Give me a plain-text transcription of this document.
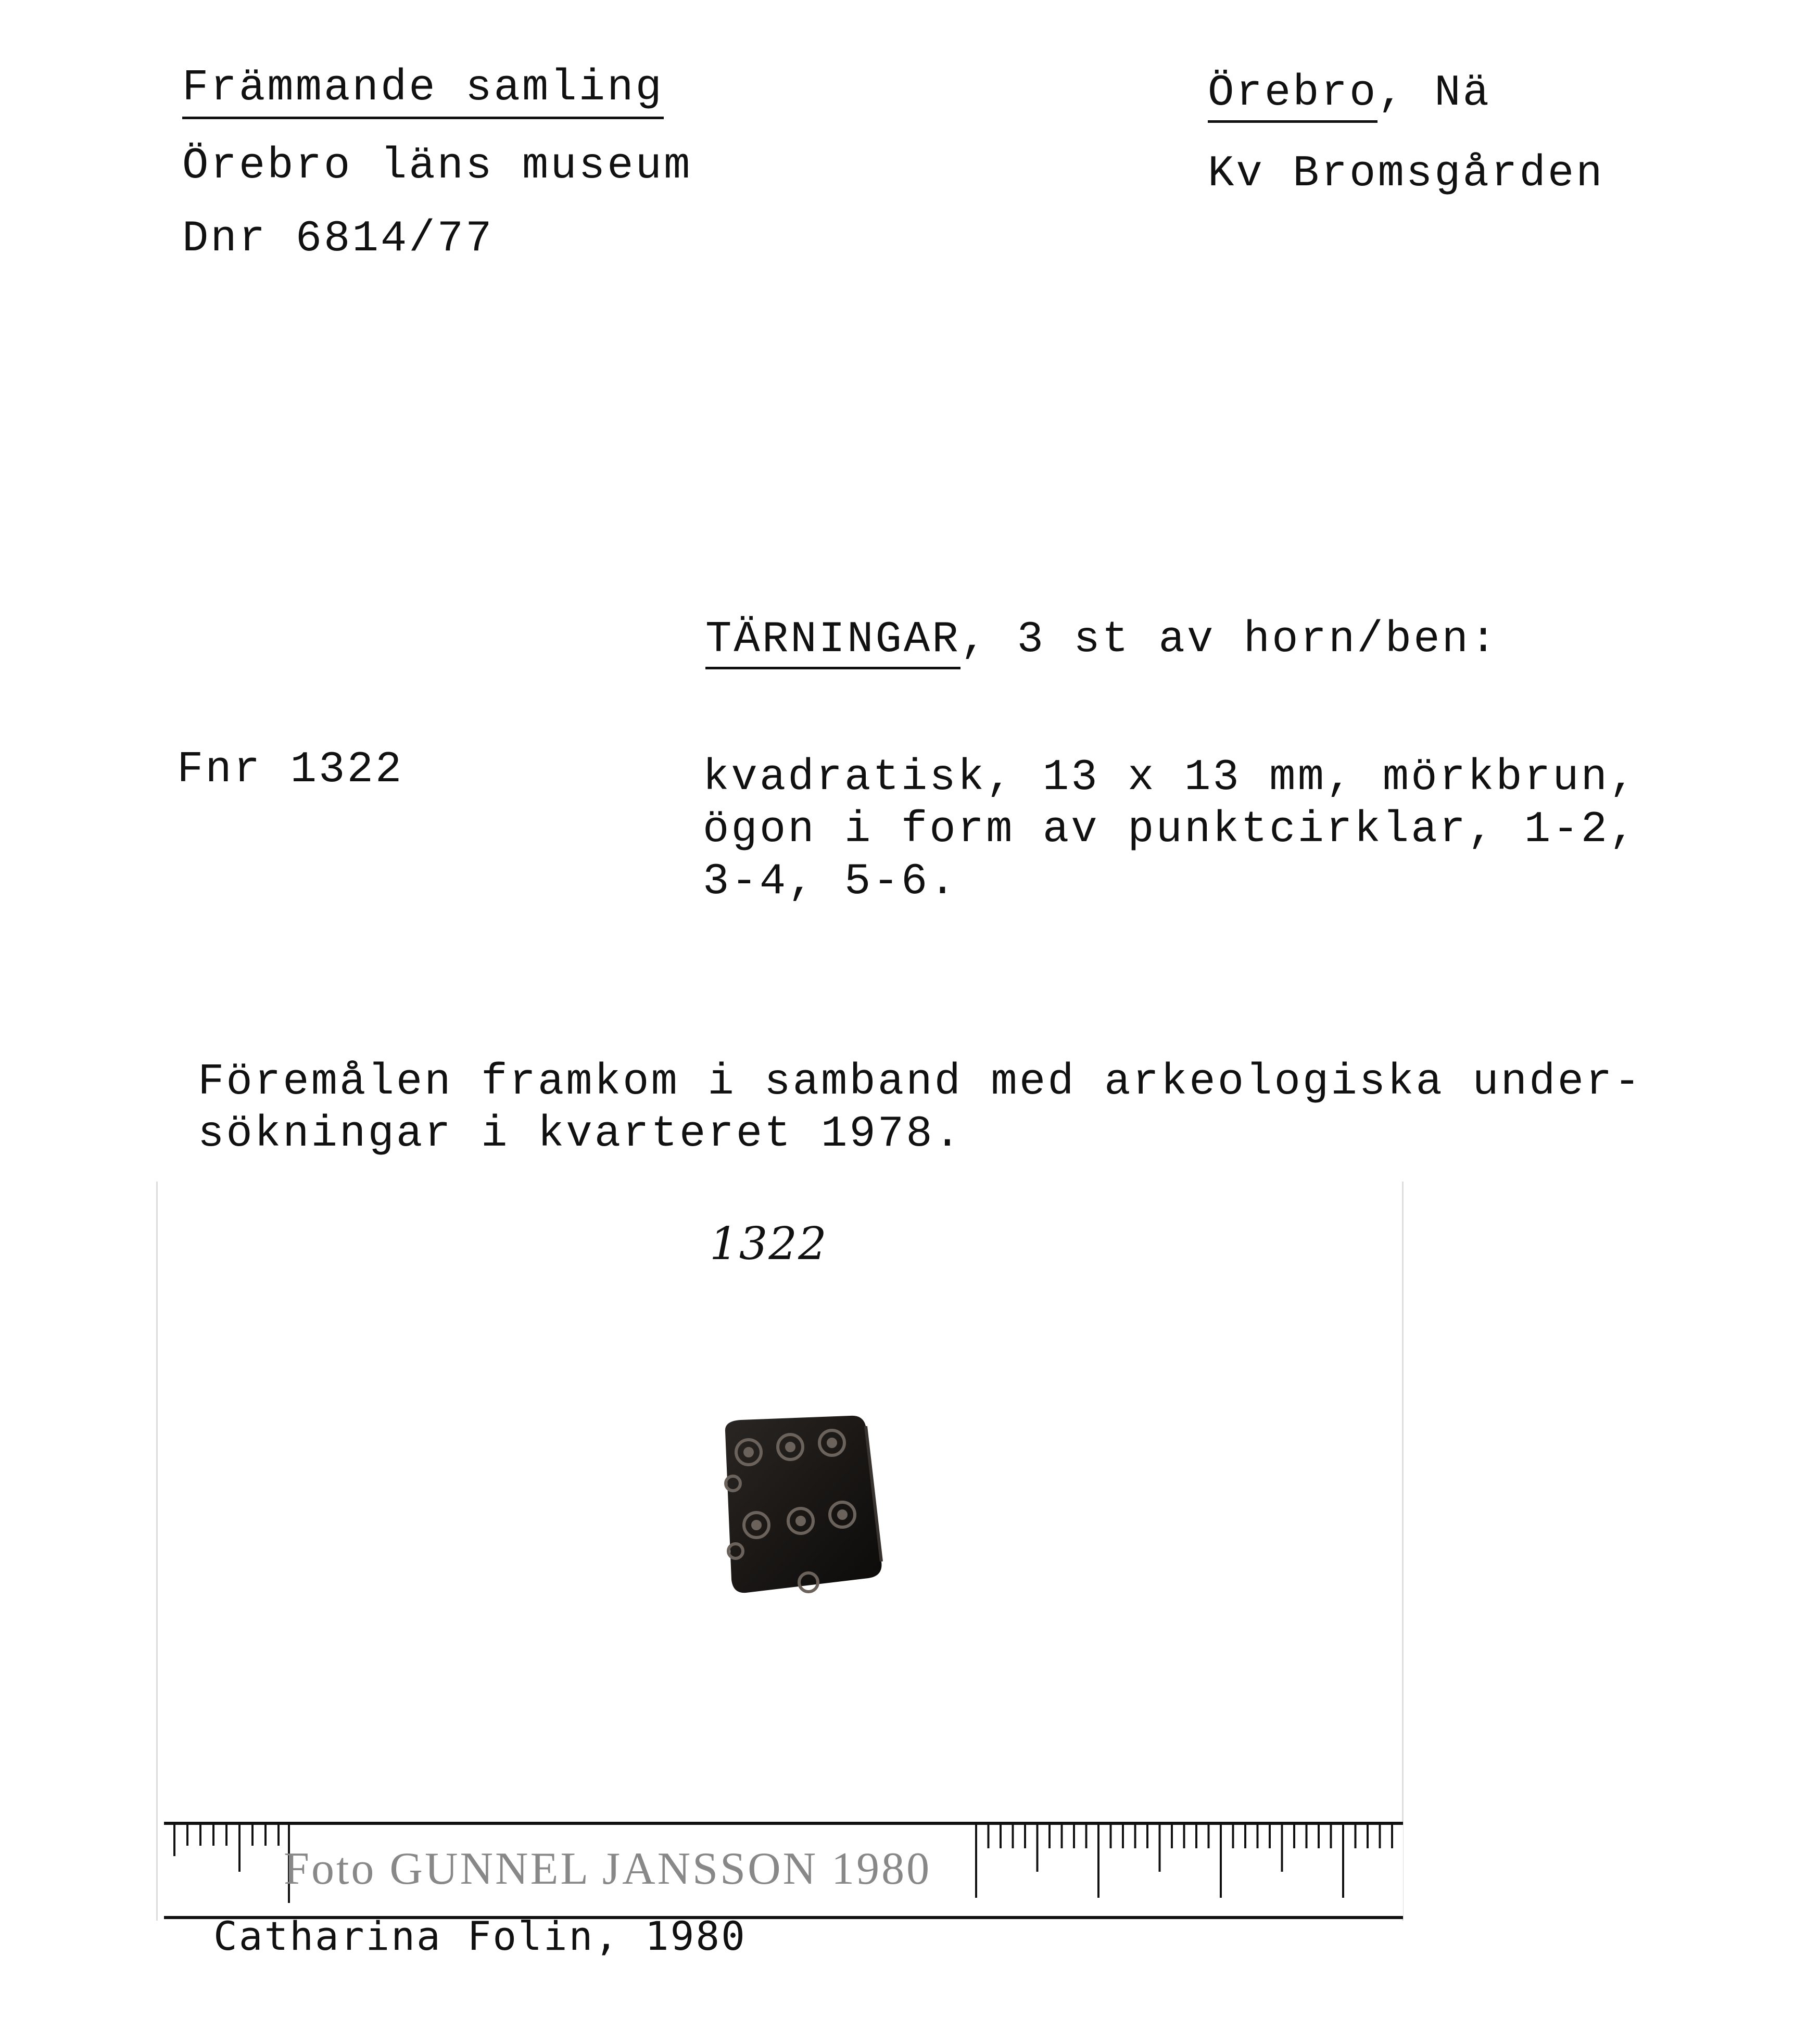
Främmande samling
Örebro läns museum
Dnr 6814/77
Örebro, Nä
Kv Bromsgården
TÄRNINGAR, 3 st av horn/ben:
Fnr 1322	kvadratisk, 13 x 13 mm, mörkbrun,
ögon i form av punktcirklar, 1-2,
3-4, 5-6.
Föremålen framkom i samband med arkeologiska under-
sökningar i kvarteret 1978.
1322
Foto GUNNEL JANSSON 1980
Catharina Folin, 1980
